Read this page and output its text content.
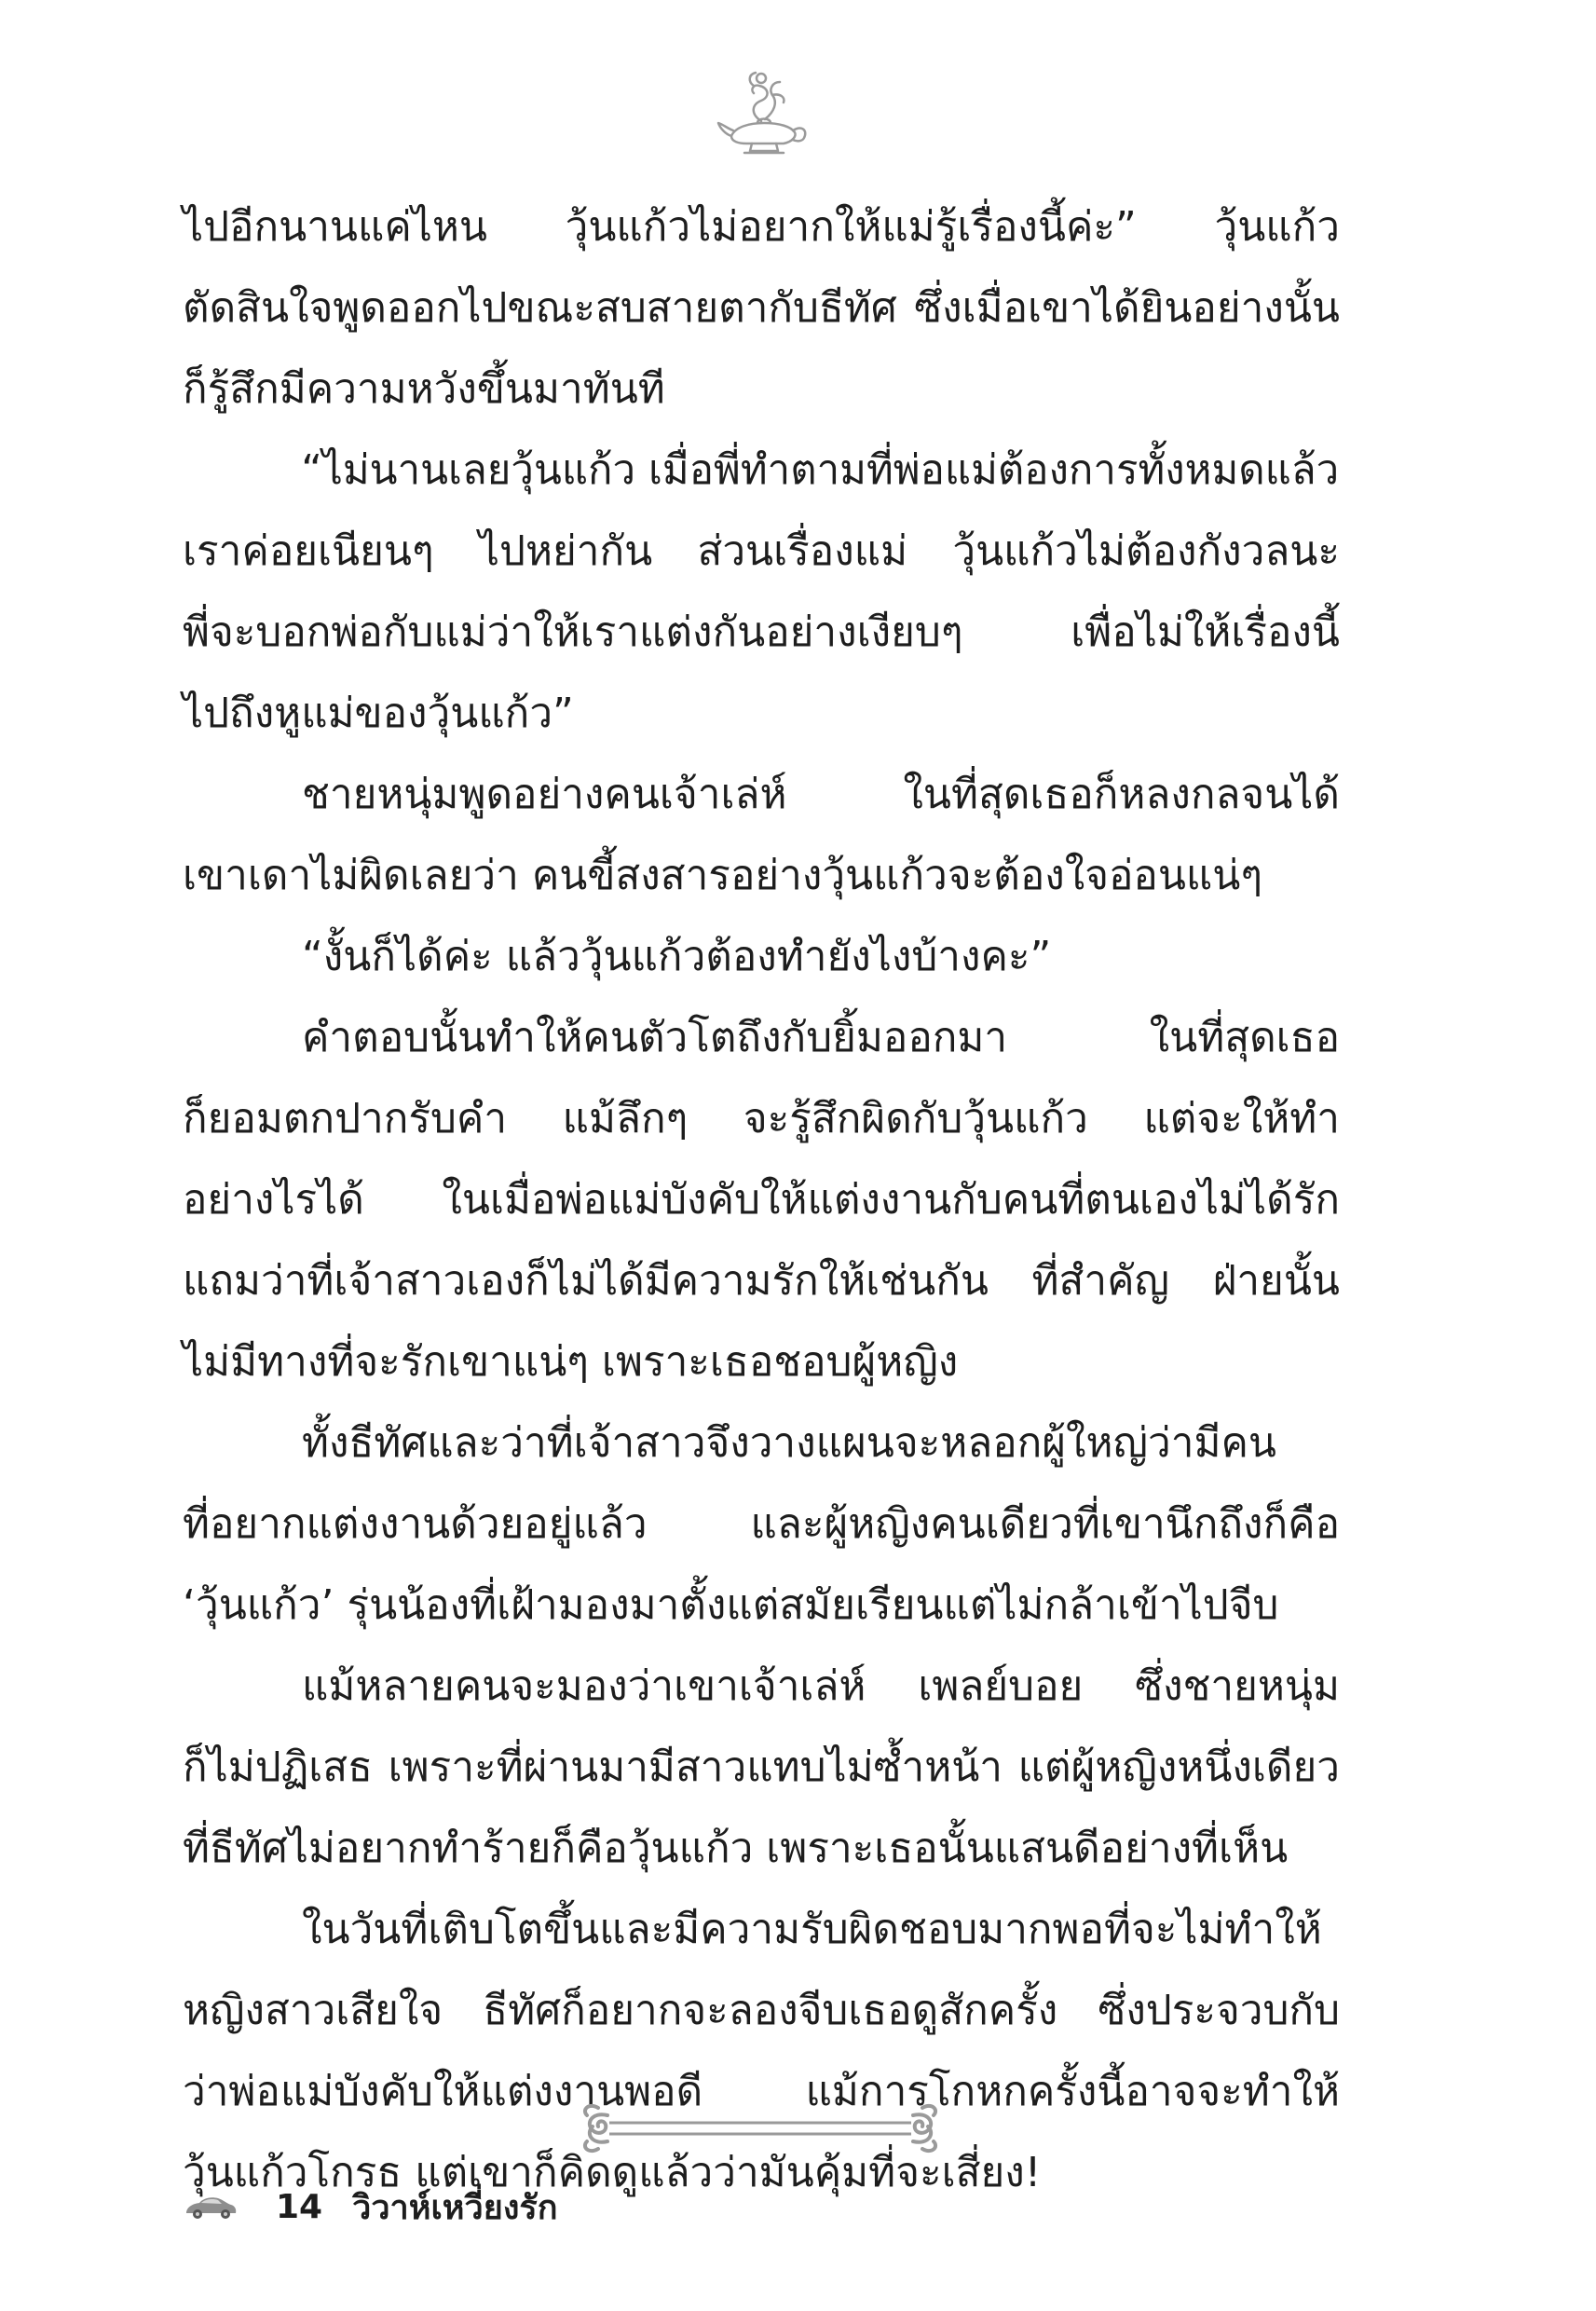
ไปอีกนานแค่ไหน วุ้นแก้วไม่อยากให้แม่รู้เรื่องนี้ค่ะ” วุ้นแก้ว
ตัดสินใจพูดออกไปขณะสบสายตากับธีทัศ ซึ่งเมื่อเขาได้ยินอย่างนั้น
ก็รู้สึกมีความหวังขึ้นมาทันที
“ไม่นานเลยวุ้นแก้ว เมื่อพี่ทำตามที่พ่อแม่ต้องการทั้งหมดแล้ว
เราค่อยเนียนๆ ไปหย่ากัน ส่วนเรื่องแม่ วุ้นแก้วไม่ต้องกังวลนะ
พี่จะบอกพ่อกับแม่ว่าให้เราแต่งกันอย่างเงียบๆ เพื่อไม่ให้เรื่องนี้
ไปถึงหูแม่ของวุ้นแก้ว”
ชายหนุ่มพูดอย่างคนเจ้าเล่ห์ ในที่สุดเธอก็หลงกลจนได้
เขาเดาไม่ผิดเลยว่า คนขี้สงสารอย่างวุ้นแก้วจะต้องใจอ่อนแน่ๆ
“งั้นก็ได้ค่ะ แล้ววุ้นแก้วต้องทำยังไงบ้างคะ”
คำตอบนั้นทำให้คนตัวโตถึงกับยิ้มออกมา ในที่สุดเธอ
ก็ยอมตกปากรับคำ แม้ลึกๆ จะรู้สึกผิดกับวุ้นแก้ว แต่จะให้ทำ
อย่างไรได้ ในเมื่อพ่อแม่บังคับให้แต่งงานกับคนที่ตนเองไม่ได้รัก
แถมว่าที่เจ้าสาวเองก็ไม่ได้มีความรักให้เช่นกัน ที่สำคัญ ฝ่ายนั้น
ไม่มีทางที่จะรักเขาแน่ๆ เพราะเธอชอบผู้หญิง
ทั้งธีทัศและว่าที่เจ้าสาวจึงวางแผนจะหลอกผู้ใหญ่ว่ามีคน
ที่อยากแต่งงานด้วยอยู่แล้ว และผู้หญิงคนเดียวที่เขานึกถึงก็คือ
‘วุ้นแก้ว’ รุ่นน้องที่เฝ้ามองมาตั้งแต่สมัยเรียนแต่ไม่กล้าเข้าไปจีบ
แม้หลายคนจะมองว่าเขาเจ้าเล่ห์ เพลย์บอย ซึ่งชายหนุ่ม
ก็ไม่ปฏิเสธ เพราะที่ผ่านมามีสาวแทบไม่ซ้ำหน้า แต่ผู้หญิงหนึ่งเดียว
ที่ธีทัศไม่อยากทำร้ายก็คือวุ้นแก้ว เพราะเธอนั้นแสนดีอย่างที่เห็น
ในวันที่เติบโตขึ้นและมีความรับผิดชอบมากพอที่จะไม่ทำให้
หญิงสาวเสียใจ ธีทัศก็อยากจะลองจีบเธอดูสักครั้ง ซึ่งประจวบกับ
ว่าพ่อแม่บังคับให้แต่งงานพอดี แม้การโกหกครั้งนี้อาจจะทำให้
วุ้นแก้วโกรธ แต่เขาก็คิดดูแล้วว่ามันคุ้มที่จะเสี่ยง!
14 วิวาห์เหวี่ยงรัก
